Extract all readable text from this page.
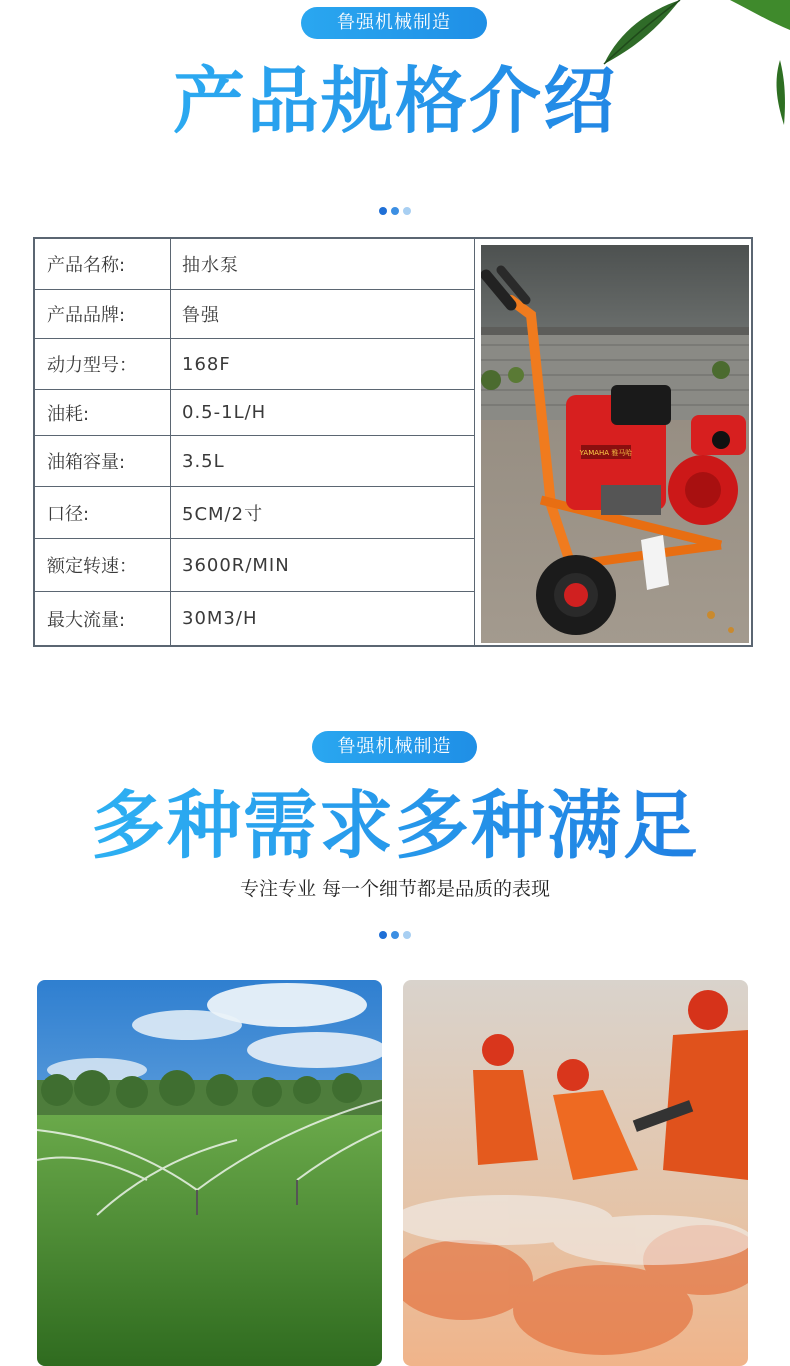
鲁强机械制造
产品规格介绍
产品名称:	抽水泵
产品品牌:	鲁强
动力型号：	168F
油耗:	0.5-1L/H
油箱容量:	3.5L
口径:	5CM/2寸
额定转速：	3600R/MIN
最大流量:	30M3/H
YAMAHA 雅马哈
鲁强机械制造
多种需求多种满足
专注专业 每一个细节都是品质的表现
